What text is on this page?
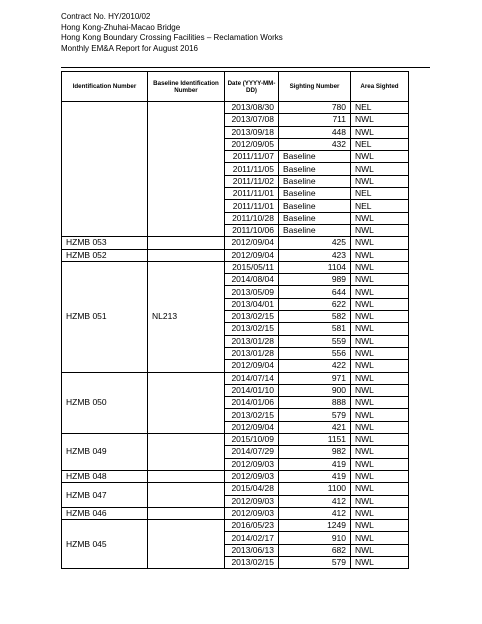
Contract No. HY/2010/02
Hong Kong-Zhuhai-Macao Bridge
Hong Kong Boundary Crossing Facilities – Reclamation Works
Monthly EM&A Report for August 2016
Identification Number	Baseline Identification Number	Date (YYYY-MM-DD)	Sighting Number	Area Sighted
		2013/08/30	780	NEL
		2013/07/08	711	NWL
		2013/09/18	448	NWL
		2012/09/05	432	NEL
		2011/11/07	Baseline	NWL
		2011/11/05	Baseline	NWL
		2011/11/02	Baseline	NWL
		2011/11/01	Baseline	NEL
		2011/11/01	Baseline	NEL
		2011/10/28	Baseline	NWL
		2011/10/06	Baseline	NWL
HZMB 053		2012/09/04	425	NWL
HZMB 052		2012/09/04	423	NWL
HZMB 051	NL213	2015/05/11	1104	NWL
		2014/08/04	989	NWL
		2013/05/09	644	NWL
		2013/04/01	622	NWL
		2013/02/15	582	NWL
		2013/02/15	581	NWL
		2013/01/28	559	NWL
		2013/01/28	556	NWL
		2012/09/04	422	NWL
HZMB 050		2014/07/14	971	NWL
		2014/01/10	900	NWL
		2014/01/06	888	NWL
		2013/02/15	579	NWL
		2012/09/04	421	NWL
HZMB 049		2015/10/09	1151	NWL
		2014/07/29	982	NWL
		2012/09/03	419	NWL
HZMB 048		2012/09/03	419	NWL
HZMB 047		2015/04/28	1100	NWL
		2012/09/03	412	NWL
HZMB 046		2012/09/03	412	NWL
HZMB 045		2016/05/23	1249	NWL
		2014/02/17	910	NWL
		2013/06/13	682	NWL
		2013/02/15	579	NWL
